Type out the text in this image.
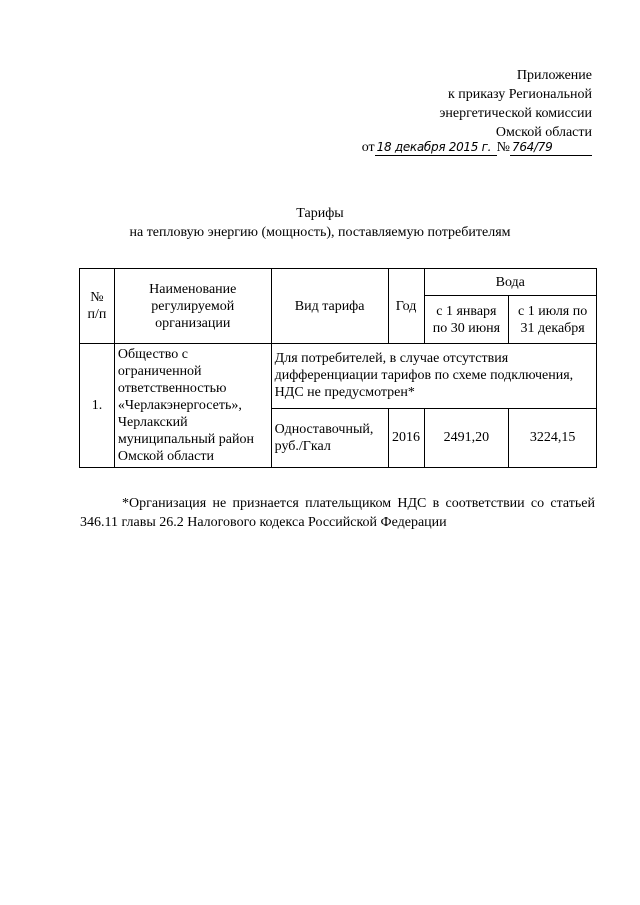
Приложение
к приказу Региональной
энергетической комиссии
Омской области
от 18 декабря 2015 г. № 764/79
Тарифы
на тепловую энергию (мощность), поставляемую потребителям
№ п/п	Наименование регулируемой организации	Вид тарифа	Год	Вода	
				с 1 января по 30 июня	с 1 июля по 31 декабря
1.	Общество с ограниченной ответственностью «Черлакэнергосеть», Черлакский муниципальный район Омской области	Для потребителей, в случае отсутствия дифференциации тарифов по схеме подключения, НДС не предусмотрен*			
		Одноставочный, руб./Гкал	2016	2491,20	3224,15
*Организация не признается плательщиком НДС в соответствии со статьей 346.11 главы 26.2 Налогового кодекса Российской Федерации
